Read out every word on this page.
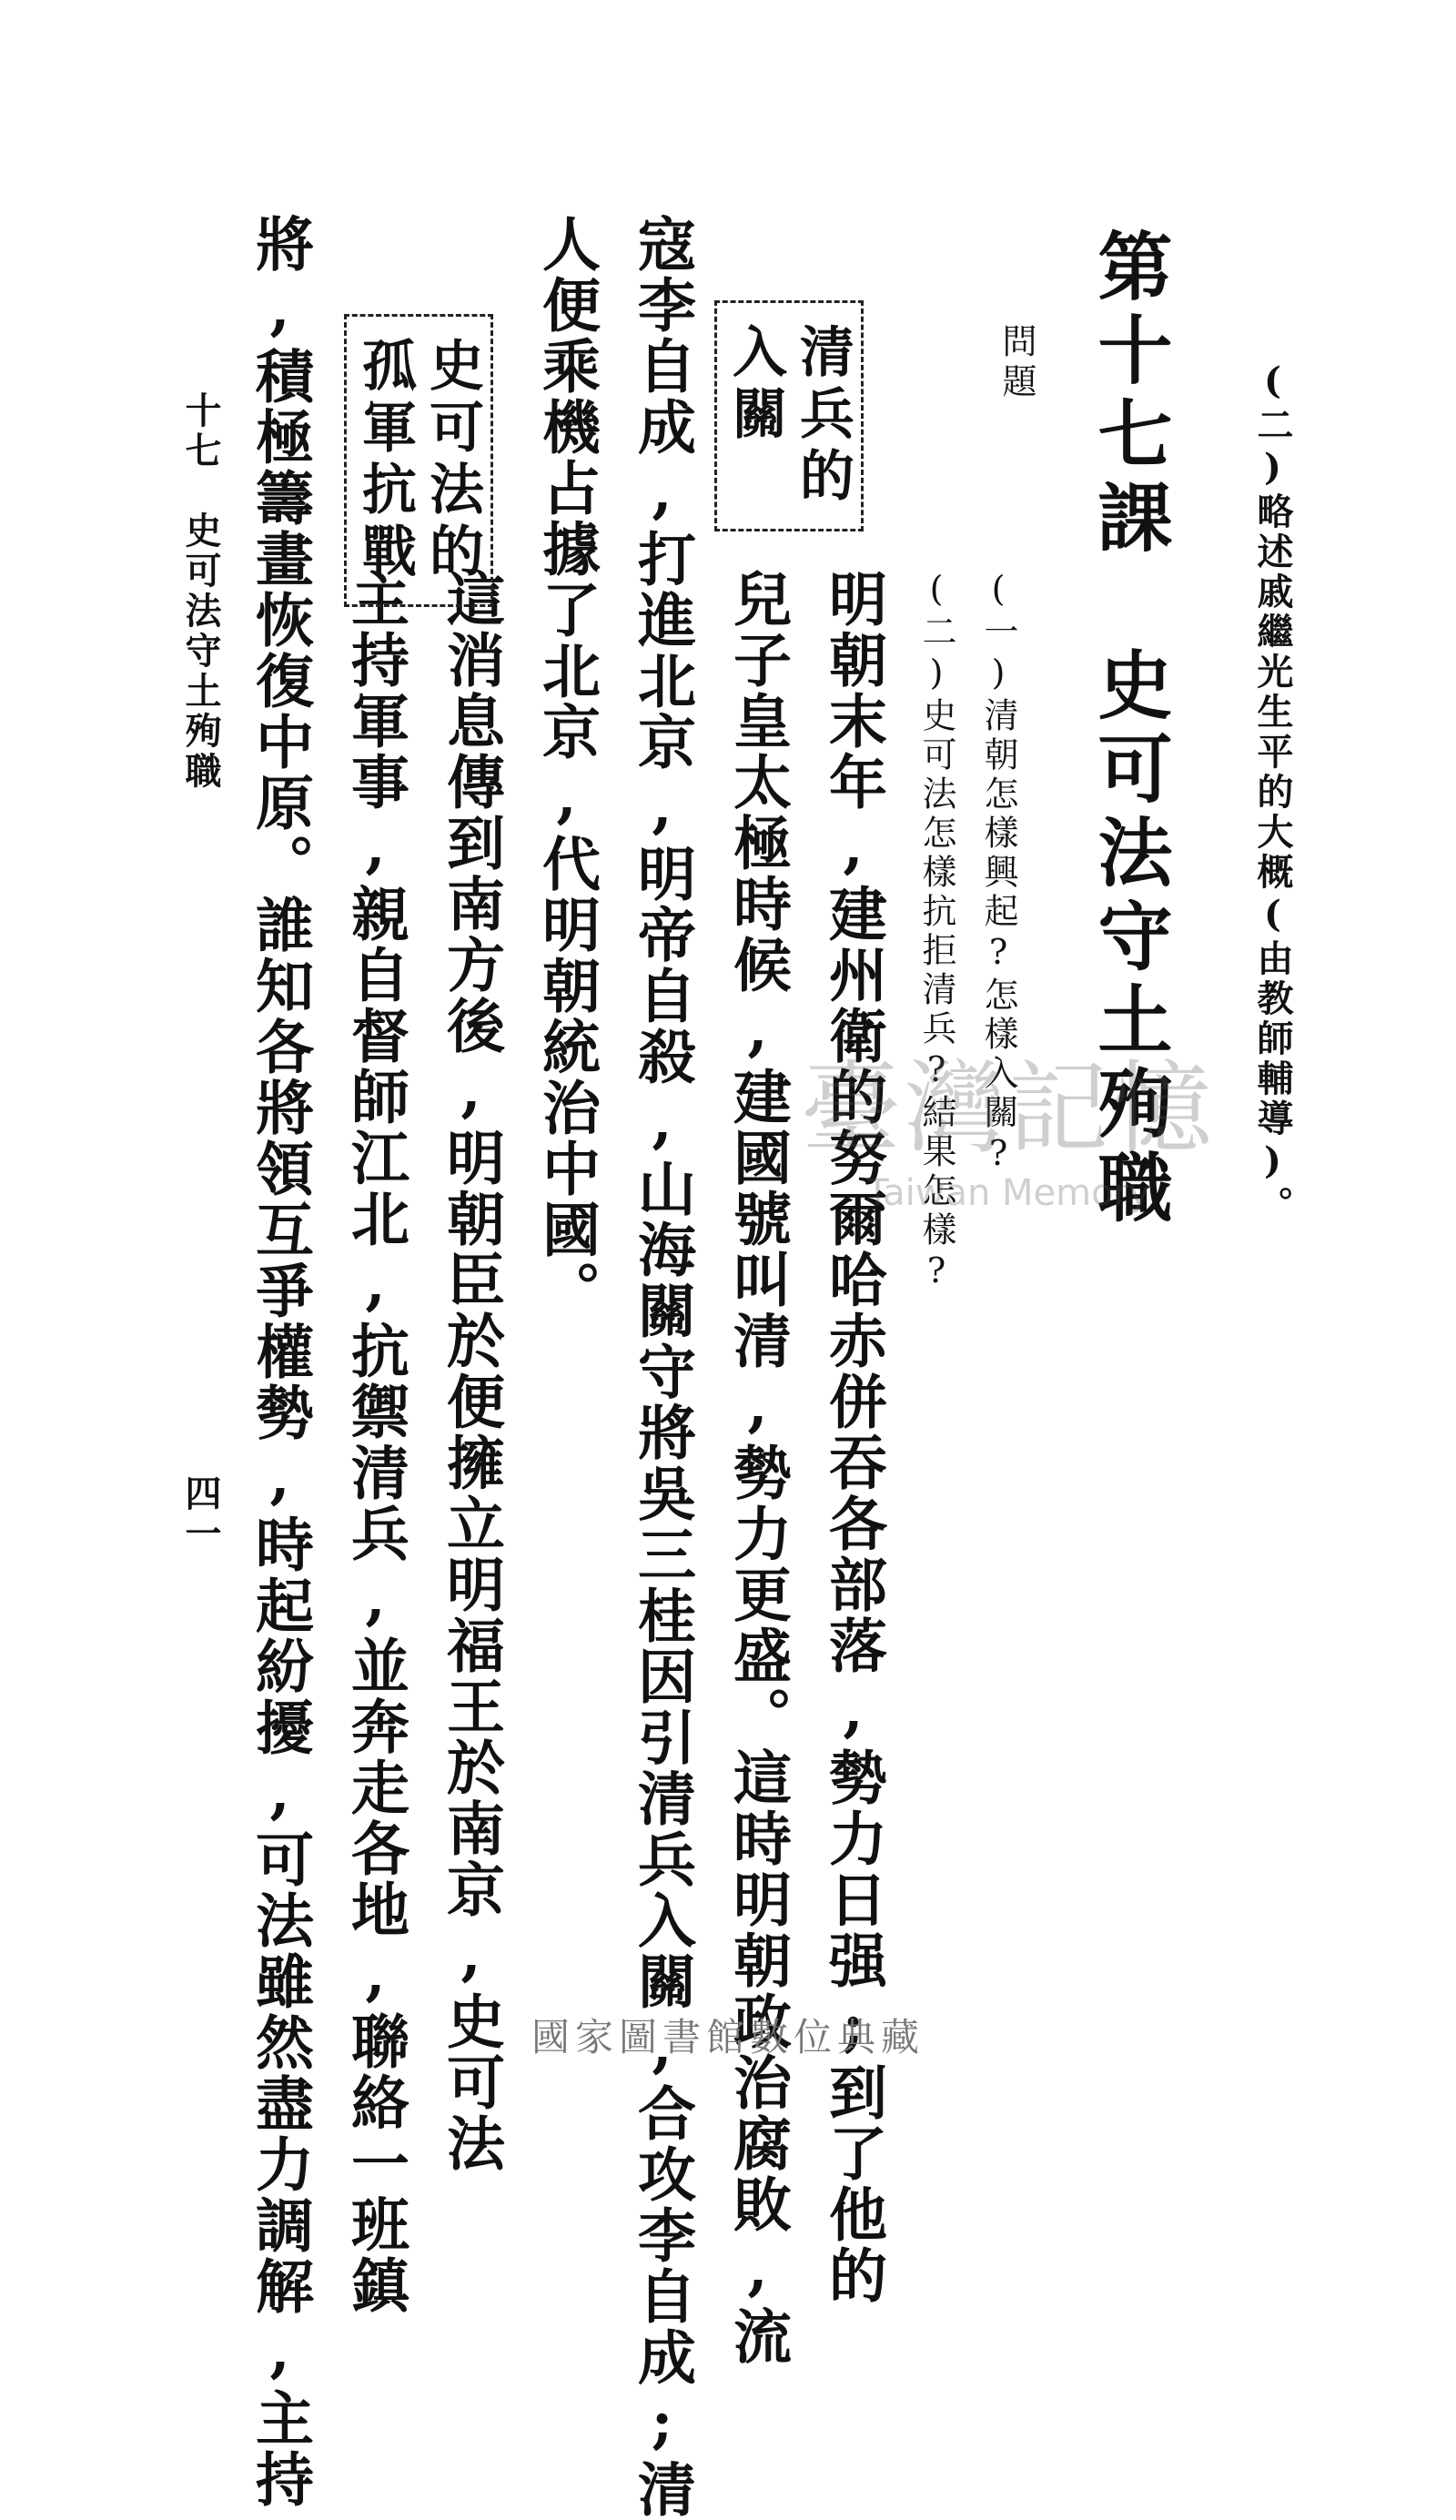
(二)略述戚繼光生平的大概(由教師輔導)。
第十七課　史可法守土殉職
問題
(一)清朝怎樣興起?怎樣入關?
(二)史可法怎樣抗拒清兵?結果怎樣?
明朝末年,建州衛的努爾哈赤併吞各部落,勢力日强;到了他的
兒子皇太極時候,建國號叫清,勢力更盛。這時明朝政治腐敗,流
寇李自成,打進北京,明帝自殺,山海關守將吳三桂因引清兵入關,合攻李自成;清
人便乘機占據了北京,代明朝統治中國。
這消息傳到南方後,明朝臣於便擁立明福王於南京,史可法
主持軍事,親自督師江北,抗禦清兵,並奔走各地,聯絡一班鎮
將,積極籌畫恢復中原。誰知各將領互爭權勢,時起紛擾,可法雖然盡力調解,主持	清兵的
入關
史可法的
孤軍抗戰
十七　史可法守土殉職
四一
臺灣記憶
Taiwan Memory
國家圖書館數位典藏
